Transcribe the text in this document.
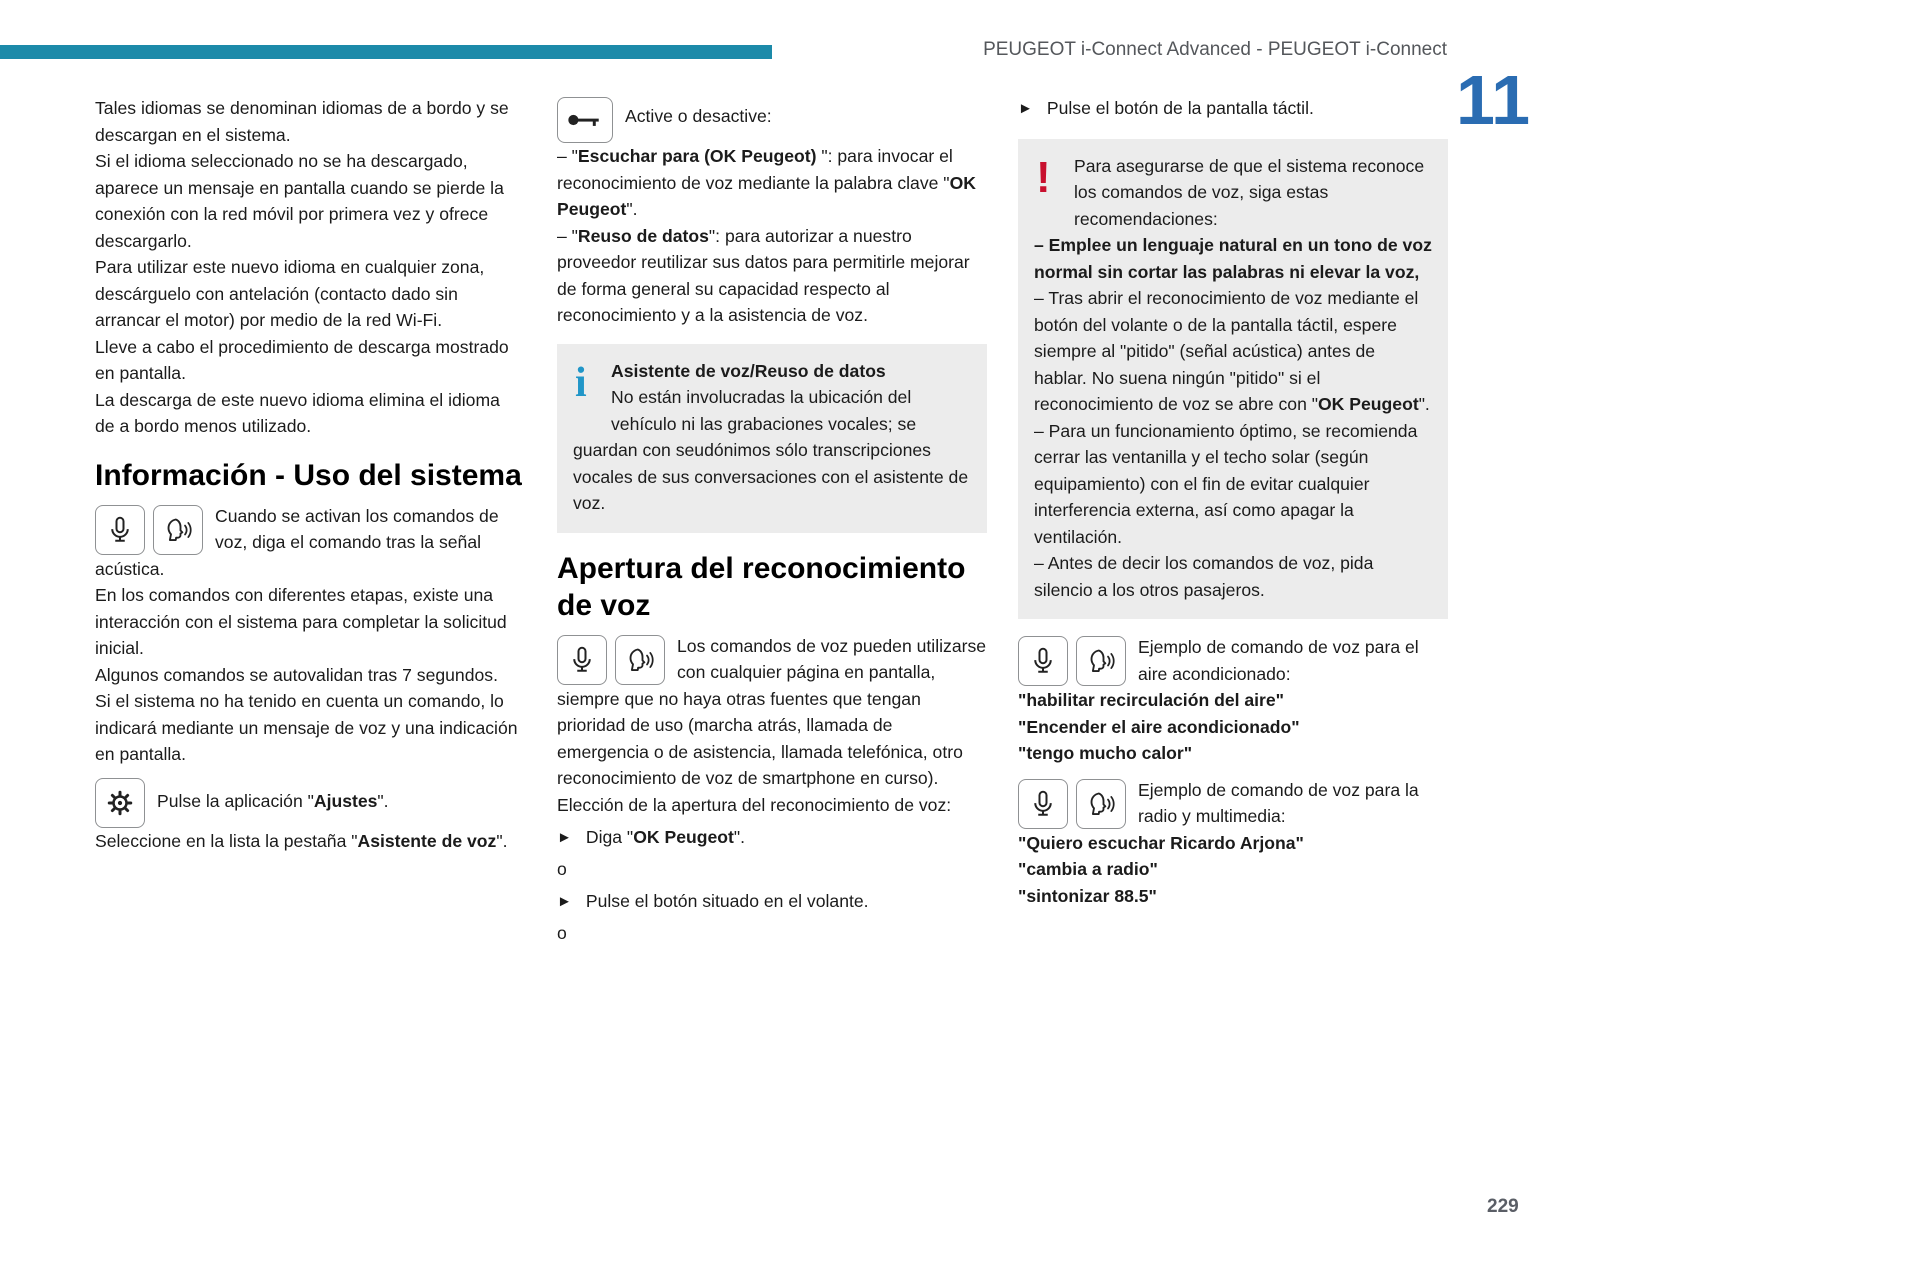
PEUGEOT i-Connect Advanced - PEUGEOT i-Connect
11

Tales idiomas se denominan idiomas de a bordo y se descargan en el sistema.

Si el idioma seleccionado no se ha descargado, aparece un mensaje en pantalla cuando se pierde la conexión con la red móvil por primera vez y ofrece descargarlo.

Para utilizar este nuevo idioma en cualquier zona, descárguelo con antelación (contacto dado sin arrancar el motor) por medio de la red Wi-Fi.

Lleve a cabo el procedimiento de descarga mostrado en pantalla.

La descarga de este nuevo idioma elimina el idioma de a bordo menos utilizado.

Información - Uso del sistema

Cuando se activan los comandos de voz, diga el comando tras la señal acústica.

En los comandos con diferentes etapas, existe una interacción con el sistema para completar la solicitud inicial.

Algunos comandos se autovalidan tras 7 segundos.

Si el sistema no ha tenido en cuenta un comando, lo indicará mediante un mensaje de voz y una indicación en pantalla.

Pulse la aplicación "Ajustes".

Seleccione en la lista la pestaña "Asistente de voz".

Active o desactive:

– "Escuchar para (OK Peugeot) ": para invocar el reconocimiento de voz mediante la palabra clave "OK Peugeot".

– "Reuso de datos": para autorizar a nuestro proveedor reutilizar sus datos para permitirle mejorar de forma general su capacidad respecto al reconocimiento y a la asistencia de voz.

i	Asistente de voz/Reuso de datos

No están involucradas la ubicación del vehículo ni las grabaciones vocales; se guardan con seudónimos sólo transcripciones vocales de sus conversaciones con el asistente de voz.

Apertura del reconocimiento de voz

Los comandos de voz pueden utilizarse con cualquier página en pantalla, siempre que no haya otras fuentes que tengan prioridad de uso (marcha atrás, llamada de emergencia o de asistencia, llamada telefónica, otro reconocimiento de voz de smartphone en curso).

Elección de la apertura del reconocimiento de voz:

► Diga "OK Peugeot".

o

► Pulse el botón situado en el volante.

o

► Pulse el botón de la pantalla táctil.

!	Para asegurarse de que el sistema reconoce los comandos de voz, siga estas recomendaciones:

– Emplee un lenguaje natural en un tono de voz normal sin cortar las palabras ni elevar la voz,

– Tras abrir el reconocimiento de voz mediante el botón del volante o de la pantalla táctil, espere siempre al "pitido" (señal acústica) antes de hablar. No suena ningún "pitido" si el reconocimiento de voz se abre con "OK Peugeot".

– Para un funcionamiento óptimo, se recomienda cerrar las ventanilla y el techo solar (según equipamiento) con el fin de evitar cualquier interferencia externa, así como apagar la ventilación.

– Antes de decir los comandos de voz, pida silencio a los otros pasajeros.

Ejemplo de comando de voz para el aire acondicionado:

"habilitar recirculación del aire"

"Encender el aire acondicionado"

"tengo mucho calor"

Ejemplo de comando de voz para la radio y multimedia:

"Quiero escuchar Ricardo Arjona"

"cambia a radio"

"sintonizar 88.5"

229
